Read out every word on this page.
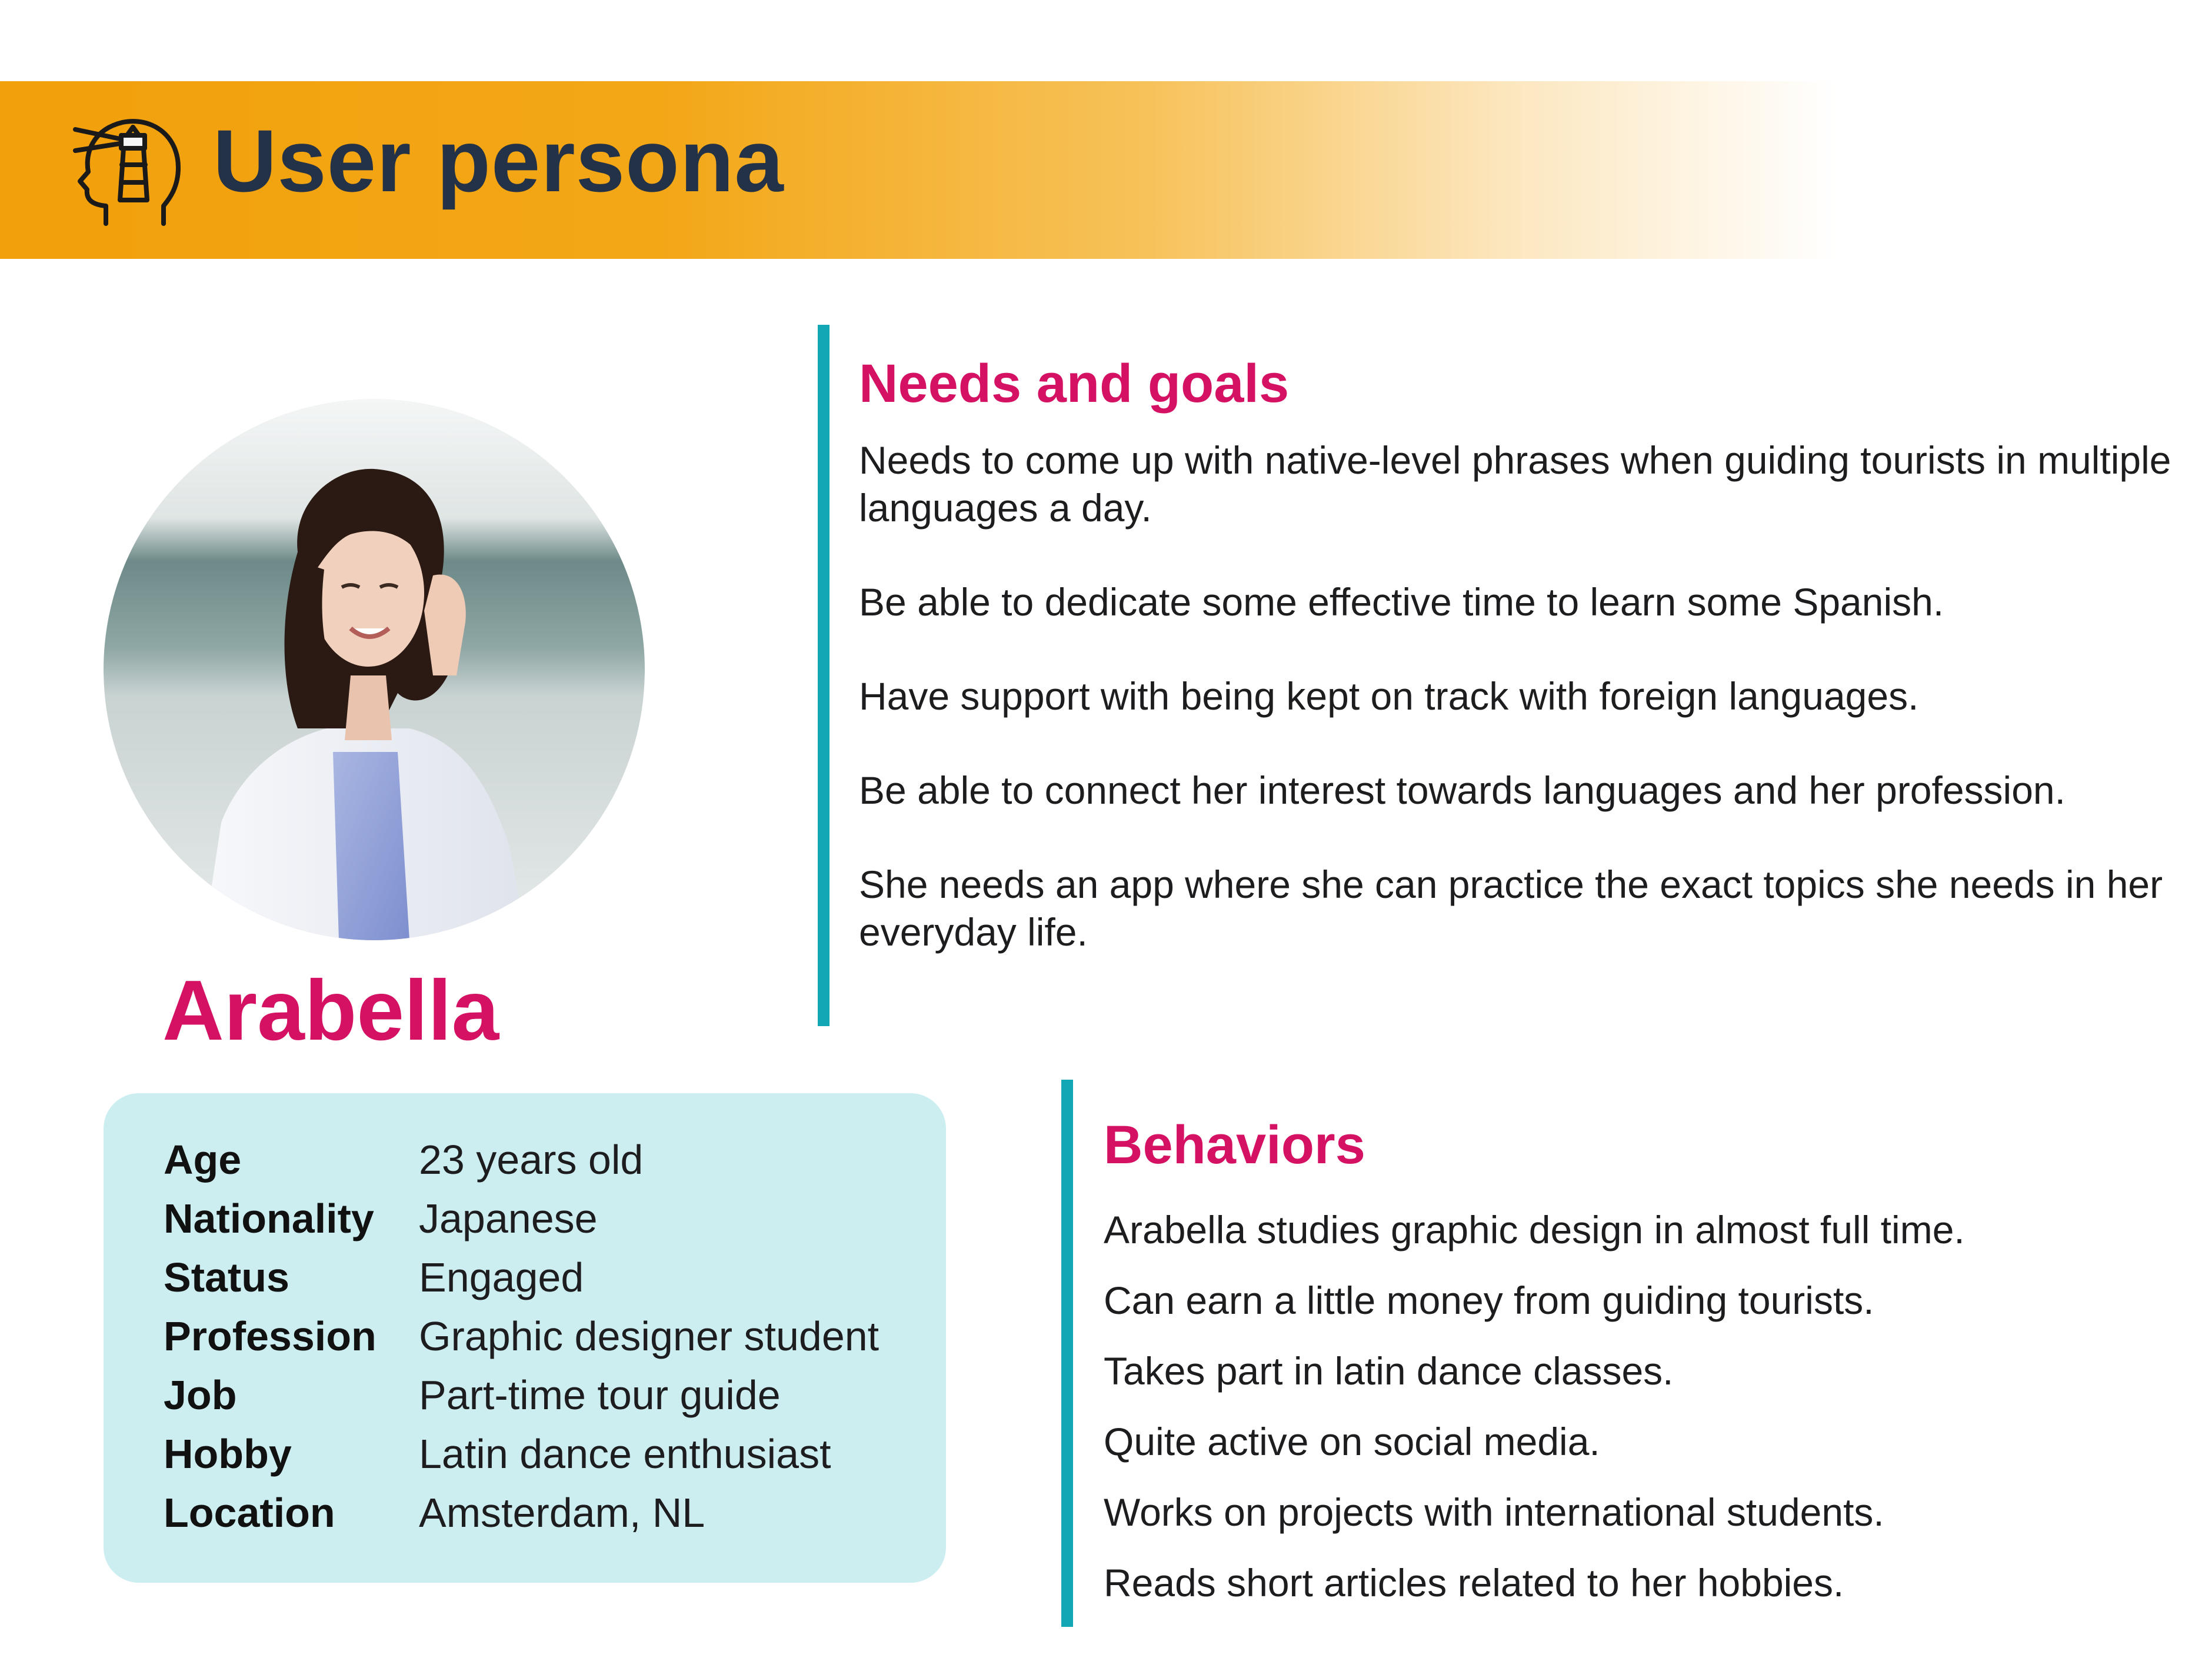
User persona
Arabella
Age	23 years old
Nationality Japanese
Status	Engaged
Profession Graphic designer student
Job	Part-time tour guide
Hobby	Latin dance enthusiast
Location Amsterdam, NL
Needs and goals
Needs to come up with native-level phrases when guiding tourists in multiple languages a day.
Be able to dedicate some effective time to learn some Spanish.
Have support with being kept on track with foreign languages.
Be able to connect her interest towards languages and her profession.
She needs an app where she can practice the exact topics she needs in her everyday life.
Behaviors
Arabella studies graphic design in almost full time.
Can earn a little money from guiding tourists.
Takes part in latin dance classes.
Quite active on social media.
Works on projects with international students.
Reads short articles related to her hobbies.
